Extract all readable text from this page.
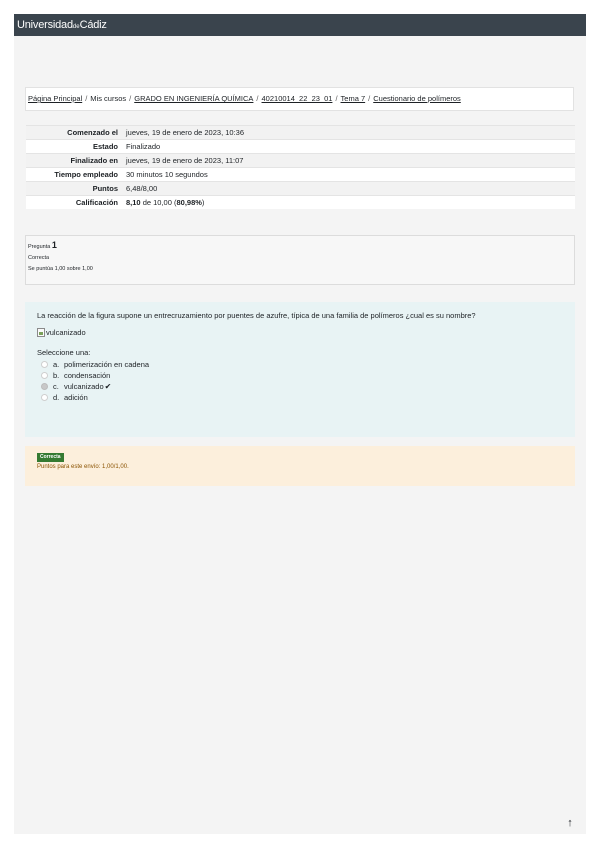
UniversidaddeCádiz
Página Principal / Mis cursos / GRADO EN INGENIERÍA QUÍMICA / 40210014_22_23_01 / Tema 7 / Cuestionario de polímeros
Comenzado el	jueves, 19 de enero de 2023, 10:36
Estado	Finalizado
Finalizado en	jueves, 19 de enero de 2023, 11:07
Tiempo empleado	30 minutos 10 segundos
Puntos	6,48/8,00
Calificación	8,10 de 10,00 (80,98%)
Pregunta 1
Correcta
Se puntúa 1,00 sobre 1,00
La reacción de la figura supone un entrecruzamiento por puentes de azufre, típica de una familia de polímeros ¿cual es su nombre?
vulcanizado
Seleccione una:
a. polimerización en cadena
b. condensación
c. vulcanizado ✔
d. adición
Correcta
Puntos para este envío: 1,00/1,00.
↑
